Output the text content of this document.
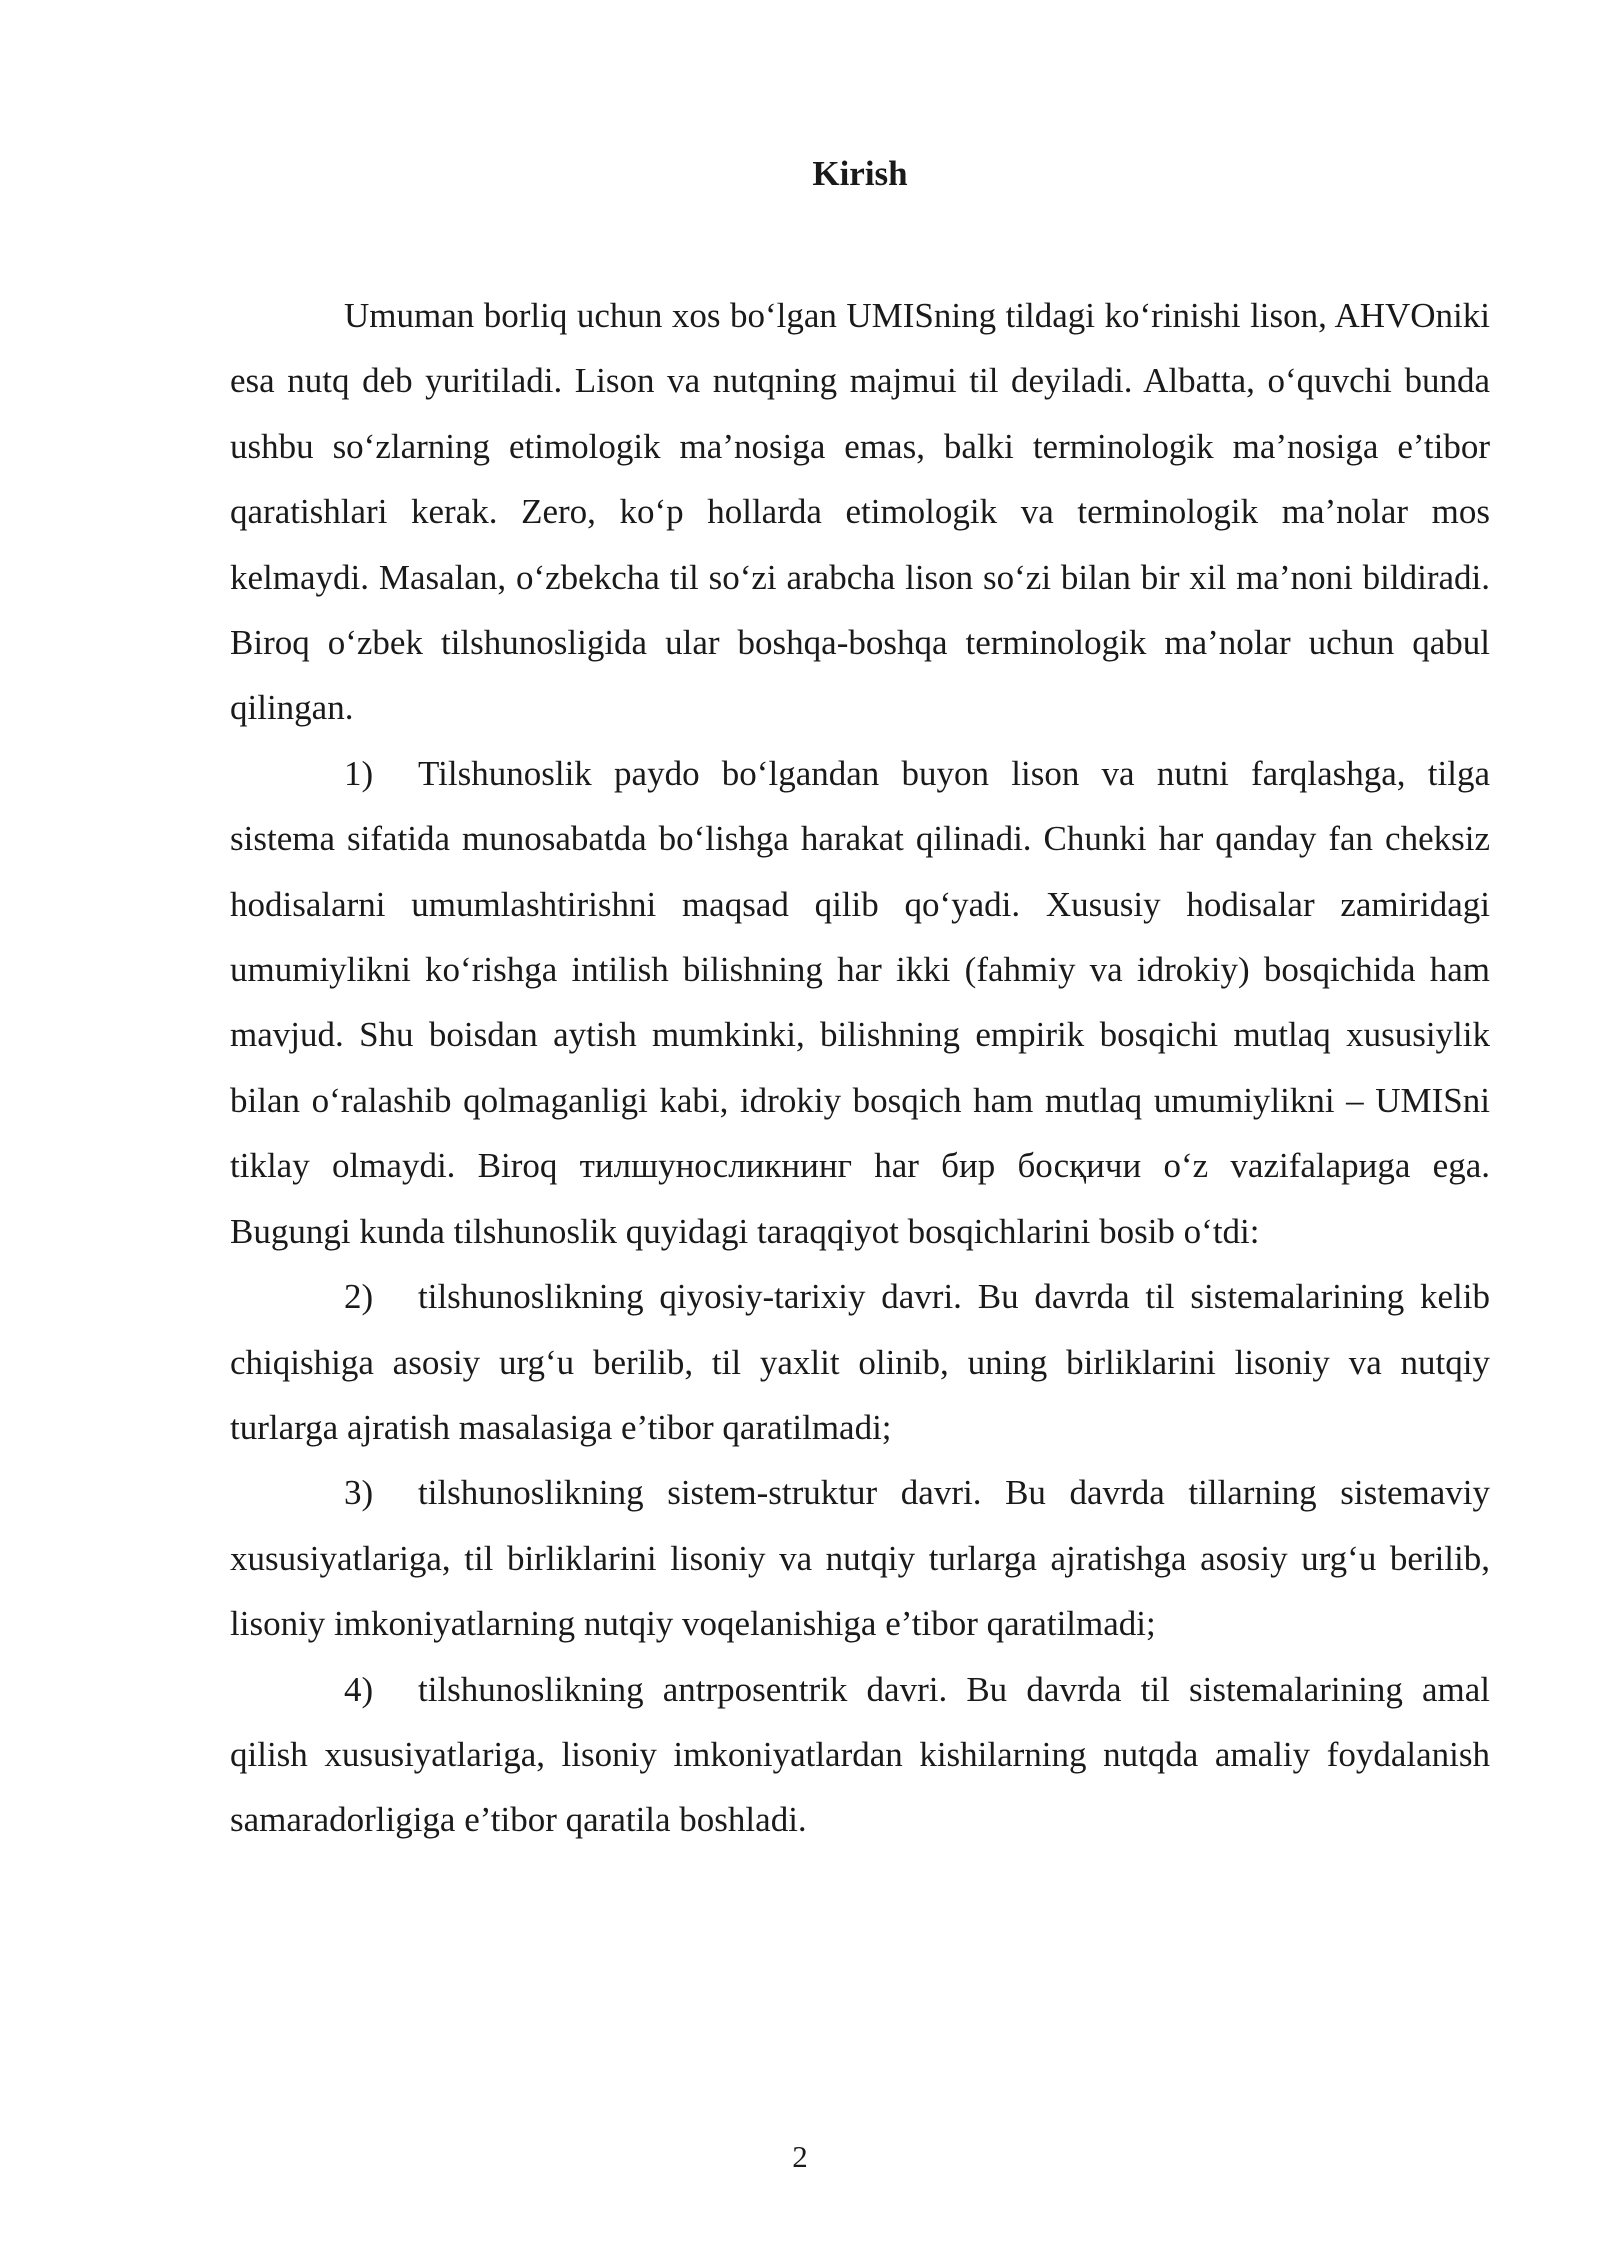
Kirish

Umuman borliq uchun xos bo‘lgan UMISning tildagi ko‘rinishi lison, AHVOniki esa nutq deb yuritiladi. Lison va nutqning majmui til deyiladi. Albatta, o‘quvchi bunda ushbu so‘zlarning etimologik ma’nosiga emas, balki terminologik ma’nosiga e’tibor qaratishlari kerak. Zero, ko‘p hollarda etimologik va terminologik ma’nolar mos kelmaydi. Masalan, o‘zbekcha til so‘zi arabcha lison so‘zi bilan bir xil ma’noni bildiradi. Biroq o‘zbek tilshunosligida ular boshqa-boshqa terminologik ma’nolar uchun qabul qilingan.

1) Tilshunoslik paydo bo‘lgandan buyon lison va nutni farqlashga, tilga sistema sifatida munosabatda bo‘lishga harakat qilinadi. Chunki har qanday fan cheksiz hodisalarni umumlashtirishni maqsad qilib qo‘yadi. Xususiy hodisalar zamiridagi umumiylikni ko‘rishga intilish bilishning har ikki (fahmiy va idrokiy) bosqichida ham mavjud. Shu boisdan aytish mumkinki, bilishning empirik bosqichi mutlaq xususiylik bilan o‘ralashib qolmaganligi kabi, idrokiy bosqich ham mutlaq umumiylikni – UMISni tiklay olmaydi. Biroq тилшуносликнинг har бир босқичи o‘z vazifalариga ega. Bugungi kunda tilshunoslik quyidagi taraqqiyot bosqichlarini bosib o‘tdi:

2) tilshunoslikning qiyosiy-tarixiy davri. Bu davrda til sistemalarining kelib chiqishiga asosiy urg‘u berilib, til yaxlit olinib, uning birliklarini lisoniy va nutqiy turlarga ajratish masalasiga e’tibor qaratilmadi;

3) tilshunoslikning sistem-struktur davri. Bu davrda tillarning sistemaviy xususiyatlariga, til birliklarini lisoniy va nutqiy turlarga ajratishga asosiy urg‘u berilib, lisoniy imkoniyatlarning nutqiy voqelanishiga e’tibor qaratilmadi;

4) tilshunoslikning antrposentrik davri. Bu davrda til sistemalarining amal qilish xususiyatlariga, lisoniy imkoniyatlardan kishilarning nutqda amaliy foydalanish samaradorligiga e’tibor qaratila boshladi.

2
